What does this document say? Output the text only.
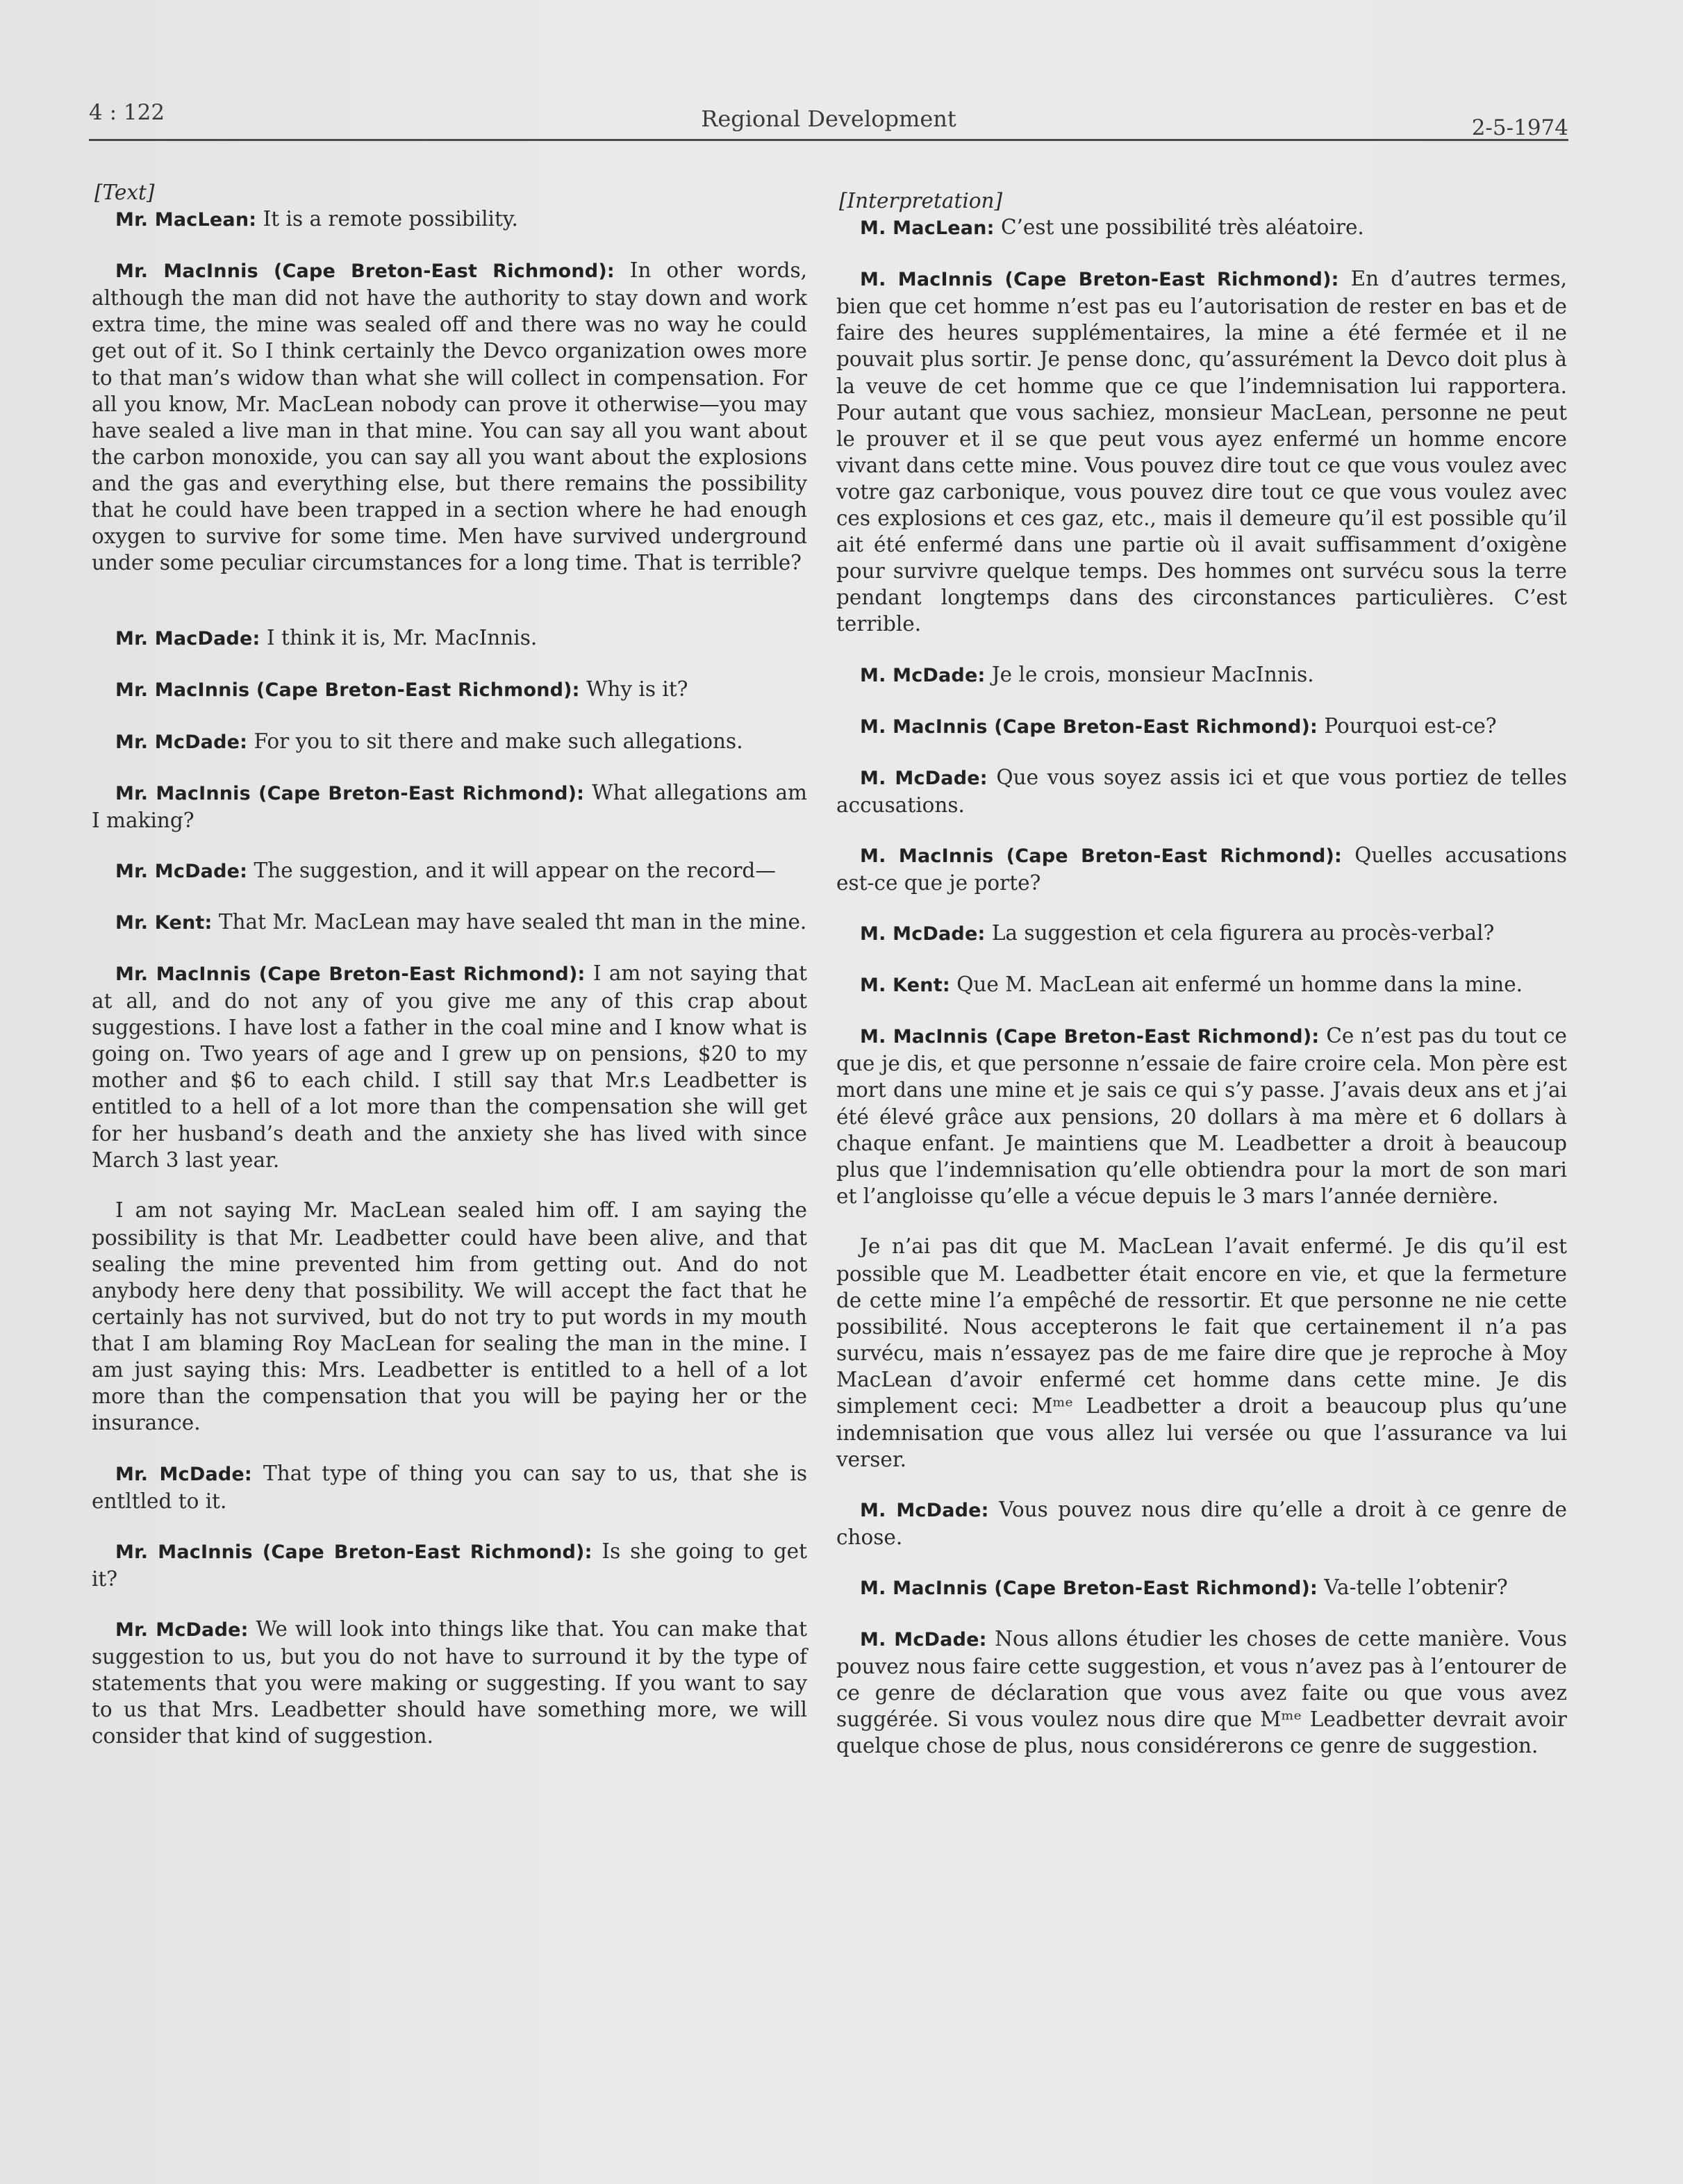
4 : 122	Regional Development	2-5-1974
[Text]

Mr. MacLean: It is a remote possibility.

Mr. MacInnis (Cape Breton-East Richmond): In other words, although the man did not have the authority to stay down and work extra time, the mine was sealed off and there was no way he could get out of it. So I think certainly the Devco organization owes more to that man’s widow than what she will collect in compensation. For all you know, Mr. MacLean nobody can prove it otherwise—you may have sealed a live man in that mine. You can say all you want about the carbon monoxide, you can say all you want about the explosions and the gas and everything else, but there remains the possibility that he could have been trapped in a section where he had enough oxygen to survive for some time. Men have survived underground under some peculiar circumstances for a long time. That is terrible?

Mr. MacDade: I think it is, Mr. MacInnis.

Mr. MacInnis (Cape Breton-East Richmond): Why is it?

Mr. McDade: For you to sit there and make such allegations.

Mr. MacInnis (Cape Breton-East Richmond): What allegations am I making?

Mr. McDade: The suggestion, and it will appear on the record—

Mr. Kent: That Mr. MacLean may have sealed tht man in the mine.

Mr. MacInnis (Cape Breton-East Richmond): I am not saying that at all, and do not any of you give me any of this crap about suggestions. I have lost a father in the coal mine and I know what is going on. Two years of age and I grew up on pensions, $20 to my mother and $6 to each child. I still say that Mr.s Leadbetter is entitled to a hell of a lot more than the compensation she will get for her husband’s death and the anxiety she has lived with since March 3 last year.

I am not saying Mr. MacLean sealed him off. I am saying the possibility is that Mr. Leadbetter could have been alive, and that sealing the mine prevented him from getting out. And do not anybody here deny that possibility. We will accept the fact that he certainly has not survived, but do not try to put words in my mouth that I am blaming Roy MacLean for sealing the man in the mine. I am just saying this: Mrs. Leadbetter is entitled to a hell of a lot more than the compensation that you will be paying her or the insurance.

Mr. McDade: That type of thing you can say to us, that she is entltled to it.

Mr. MacInnis (Cape Breton-East Richmond): Is she going to get it?

Mr. McDade: We will look into things like that. You can make that suggestion to us, but you do not have to surround it by the type of statements that you were making or suggesting. If you want to say to us that Mrs. Leadbetter should have something more, we will consider that kind of suggestion.

[Interpretation]

M. MacLean: C’est une possibilité très aléatoire.

M. MacInnis (Cape Breton-East Richmond): En d’autres termes, bien que cet homme n’est pas eu l’autorisation de rester en bas et de faire des heures supplémentaires, la mine a été fermée et il ne pouvait plus sortir. Je pense donc, qu’assurément la Devco doit plus à la veuve de cet homme que ce que l’indemnisation lui rapportera. Pour autant que vous sachiez, monsieur MacLean, personne ne peut le prouver et il se que peut vous ayez enfermé un homme encore vivant dans cette mine. Vous pouvez dire tout ce que vous voulez avec votre gaz carbonique, vous pouvez dire tout ce que vous voulez avec ces explosions et ces gaz, etc., mais il demeure qu’il est possible qu’il ait été enfermé dans une partie où il avait suffisamment d’oxigène pour survivre quelque temps. Des hommes ont survécu sous la terre pendant longtemps dans des circonstances particulières. C’est terrible.

M. McDade: Je le crois, monsieur MacInnis.

M. MacInnis (Cape Breton-East Richmond): Pourquoi est-ce?

M. McDade: Que vous soyez assis ici et que vous portiez de telles accusations.

M. MacInnis (Cape Breton-East Richmond): Quelles accusations est-ce que je porte?

M. McDade: La suggestion et cela figurera au procès-verbal?

M. Kent: Que M. MacLean ait enfermé un homme dans la mine.

M. MacInnis (Cape Breton-East Richmond): Ce n’est pas du tout ce que je dis, et que personne n’essaie de faire croire cela. Mon père est mort dans une mine et je sais ce qui s’y passe. J’avais deux ans et j’ai été élevé grâce aux pensions, 20 dollars à ma mère et 6 dollars à chaque enfant. Je maintiens que M. Leadbetter a droit à beaucoup plus que l’indemnisation qu’elle obtiendra pour la mort de son mari et l’angloisse qu’elle a vécue depuis le 3 mars l’année dernière.

Je n’ai pas dit que M. MacLean l’avait enfermé. Je dis qu’il est possible que M. Leadbetter était encore en vie, et que la fermeture de cette mine l’a empêché de ressortir. Et que personne ne nie cette possibilité. Nous accepterons le fait que certainement il n’a pas survécu, mais n’essayez pas de me faire dire que je reproche à Moy MacLean d’avoir enfermé cet homme dans cette mine. Je dis simplement ceci: Mᵐᵉ Leadbetter a droit a beaucoup plus qu’une indemnisation que vous allez lui versée ou que l’assurance va lui verser.

M. McDade: Vous pouvez nous dire qu’elle a droit à ce genre de chose.

M. MacInnis (Cape Breton-East Richmond): Va-telle l’obtenir?

M. McDade: Nous allons étudier les choses de cette manière. Vous pouvez nous faire cette suggestion, et vous n’avez pas à l’entourer de ce genre de déclaration que vous avez faite ou que vous avez suggérée. Si vous voulez nous dire que Mᵐᵉ Leadbetter devrait avoir quelque chose de plus, nous considérerons ce genre de suggestion.
